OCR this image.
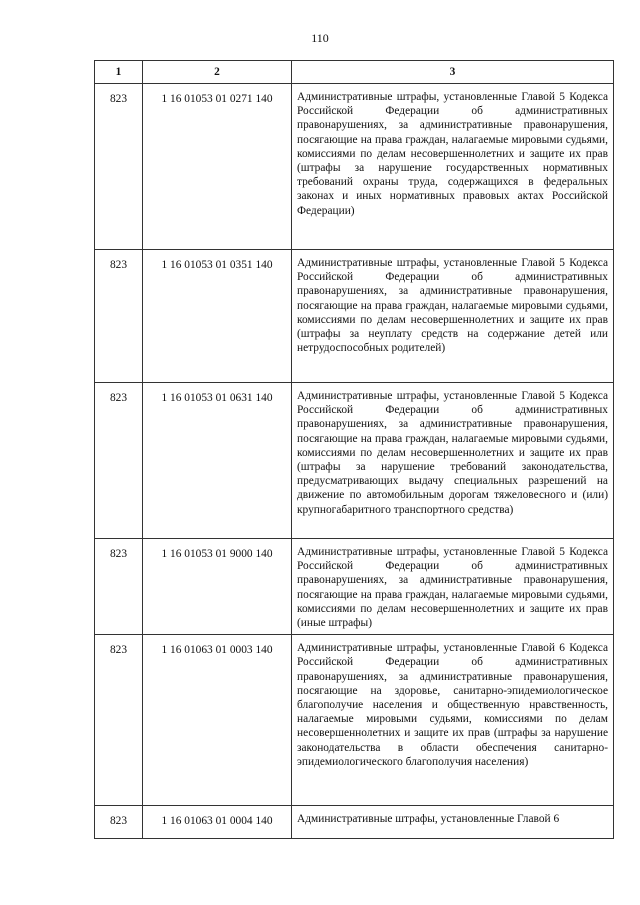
110
1	2	3
823	1 16 01053 01 0271 140	Административные штрафы, установленные Главой 5 Кодекса Российской Федерации об административных правонарушениях, за административные правонарушения, посягающие на права граждан, налагаемые мировыми судьями, комиссиями по делам несовершеннолетних и защите их прав (штрафы за нарушение государственных нормативных требований охраны труда, содержащихся в федеральных законах и иных нормативных правовых актах Российской Федерации)
823	1 16 01053 01 0351 140	Административные штрафы, установленные Главой 5 Кодекса Российской Федерации об административных правонарушениях, за административные правонарушения, посягающие на права граждан, налагаемые мировыми судьями, комиссиями по делам несовершеннолетних и защите их прав (штрафы за неуплату средств на содержание детей или нетрудоспособных родителей)
823	1 16 01053 01 0631 140	Административные штрафы, установленные Главой 5 Кодекса Российской Федерации об административных правонарушениях, за административные правонарушения, посягающие на права граждан, налагаемые мировыми судьями, комиссиями по делам несовершеннолетних и защите их прав (штрафы за нарушение требований законодательства, предусматривающих выдачу специальных разрешений на движение по автомобильным дорогам тяжеловесного и (или) крупногабаритного транспортного средства)
823	1 16 01053 01 9000 140	Административные штрафы, установленные Главой 5 Кодекса Российской Федерации об административных правонарушениях, за административные правонарушения, посягающие на права граждан, налагаемые мировыми судьями, комиссиями по делам несовершеннолетних и защите их прав (иные штрафы)
823	1 16 01063 01 0003 140	Административные штрафы, установленные Главой 6 Кодекса Российской Федерации об административных правонарушениях, за административные правонарушения, посягающие на здоровье, санитарно-эпидемиологическое благополучие населения и общественную нравственность, налагаемые мировыми судьями, комиссиями по делам несовершеннолетних и защите их прав (штрафы за нарушение законодательства в области обеспечения санитарно-эпидемиологического благополучия населения)
823	1 16 01063 01 0004 140	Административные штрафы, установленные Главой 6
